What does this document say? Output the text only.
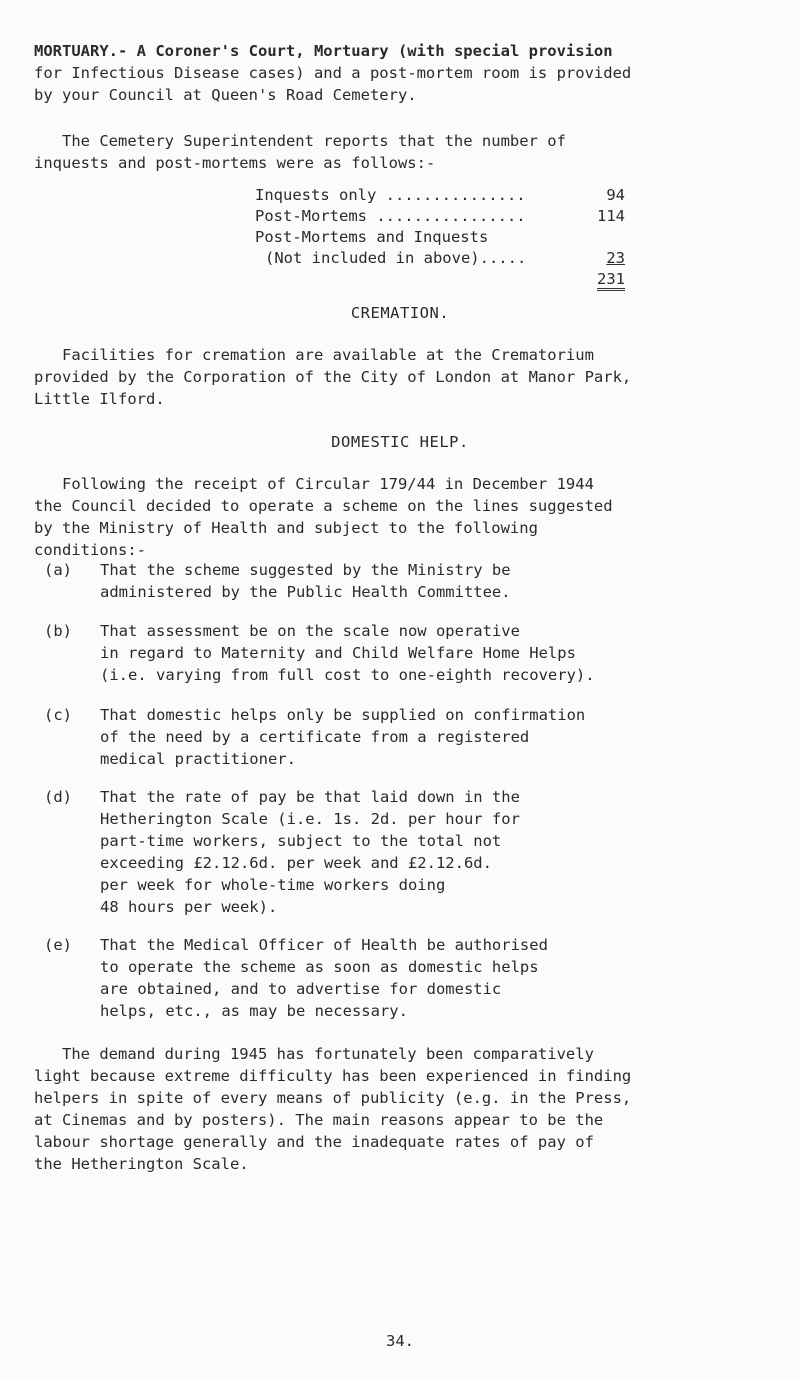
MORTUARY.- A Coroner's Court, Mortuary (with special provision
for Infectious Disease cases) and a post-mortem room is provided
by your Council at Queen's Road Cemetery.
The Cemetery Superintendent reports that the number of
inquests and post-mortems were as follows:-
Inquests only ...............	94
Post-Mortems ................	114
Post-Mortems and Inquests
(Not included in above).....	23
231
CREMATION.
Facilities for cremation are available at the Crematorium
provided by the Corporation of the City of London at Manor Park,
Little Ilford.
DOMESTIC HELP.
Following the receipt of Circular 179/44 in December 1944
the Council decided to operate a scheme on the lines suggested
by the Ministry of Health and subject to the following
conditions:-
(a)	That the scheme suggested by the Ministry be
administered by the Public Health Committee.
(b)	That assessment be on the scale now operative
in regard to Maternity and Child Welfare Home Helps
(i.e. varying from full cost to one-eighth recovery).
(c)	That domestic helps only be supplied on confirmation
of the need by a certificate from a registered
medical practitioner.
(d)	That the rate of pay be that laid down in the
Hetherington Scale (i.e. 1s. 2d. per hour for
part-time workers, subject to the total not
exceeding £2.12.6d. per week and £2.12.6d.
per week for whole-time workers doing
48 hours per week).
(e)	That the Medical Officer of Health be authorised
to operate the scheme as soon as domestic helps
are obtained, and to advertise for domestic
helps, etc., as may be necessary.
The demand during 1945 has fortunately been comparatively
light because extreme difficulty has been experienced in finding
helpers in spite of every means of publicity (e.g. in the Press,
at Cinemas and by posters). The main reasons appear to be the
labour shortage generally and the inadequate rates of pay of
the Hetherington Scale.
34.
